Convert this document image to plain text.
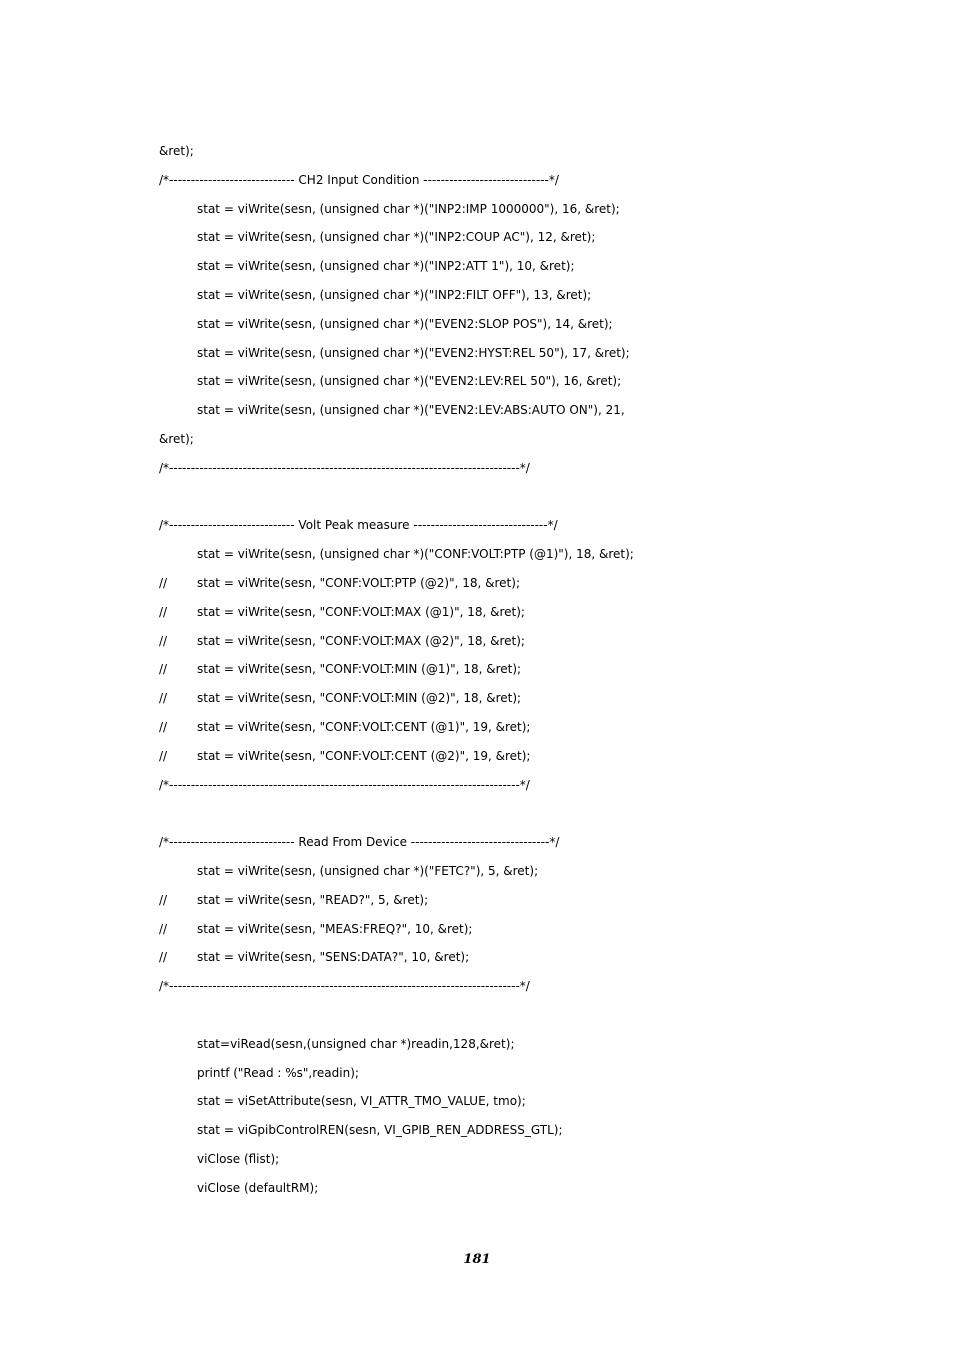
&ret);
/*----------------------------- CH2 Input Condition -----------------------------*/
stat = viWrite(sesn, (unsigned char *)("INP2:IMP 1000000"), 16, &ret);
stat = viWrite(sesn, (unsigned char *)("INP2:COUP AC"), 12, &ret);
stat = viWrite(sesn, (unsigned char *)("INP2:ATT 1"), 10, &ret);
stat = viWrite(sesn, (unsigned char *)("INP2:FILT OFF"), 13, &ret);
stat = viWrite(sesn, (unsigned char *)("EVEN2:SLOP POS"), 14, &ret);
stat = viWrite(sesn, (unsigned char *)("EVEN2:HYST:REL 50"), 17, &ret);
stat = viWrite(sesn, (unsigned char *)("EVEN2:LEV:REL 50"), 16, &ret);
stat = viWrite(sesn, (unsigned char *)("EVEN2:LEV:ABS:AUTO ON"), 21,
&ret);
/*---------------------------------------------------------------------------------*/
/*----------------------------- Volt Peak measure -------------------------------*/
stat = viWrite(sesn, (unsigned char *)("CONF:VOLT:PTP (@1)"), 18, &ret);
// stat = viWrite(sesn, "CONF:VOLT:PTP (@2)", 18, &ret);
// stat = viWrite(sesn, "CONF:VOLT:MAX (@1)", 18, &ret);
// stat = viWrite(sesn, "CONF:VOLT:MAX (@2)", 18, &ret);
// stat = viWrite(sesn, "CONF:VOLT:MIN (@1)", 18, &ret);
// stat = viWrite(sesn, "CONF:VOLT:MIN (@2)", 18, &ret);
// stat = viWrite(sesn, "CONF:VOLT:CENT (@1)", 19, &ret);
// stat = viWrite(sesn, "CONF:VOLT:CENT (@2)", 19, &ret);
/*---------------------------------------------------------------------------------*/
/*----------------------------- Read From Device --------------------------------*/
stat = viWrite(sesn, (unsigned char *)("FETC?"), 5, &ret);
// stat = viWrite(sesn, "READ?", 5, &ret);
// stat = viWrite(sesn, "MEAS:FREQ?", 10, &ret);
// stat = viWrite(sesn, "SENS:DATA?", 10, &ret);
/*---------------------------------------------------------------------------------*/
stat=viRead(sesn,(unsigned char *)readin,128,&ret);
printf ("Read : %s",readin);
stat = viSetAttribute(sesn, VI_ATTR_TMO_VALUE, tmo);
stat = viGpibControlREN(sesn, VI_GPIB_REN_ADDRESS_GTL);
viClose (flist);
viClose (defaultRM);
181
